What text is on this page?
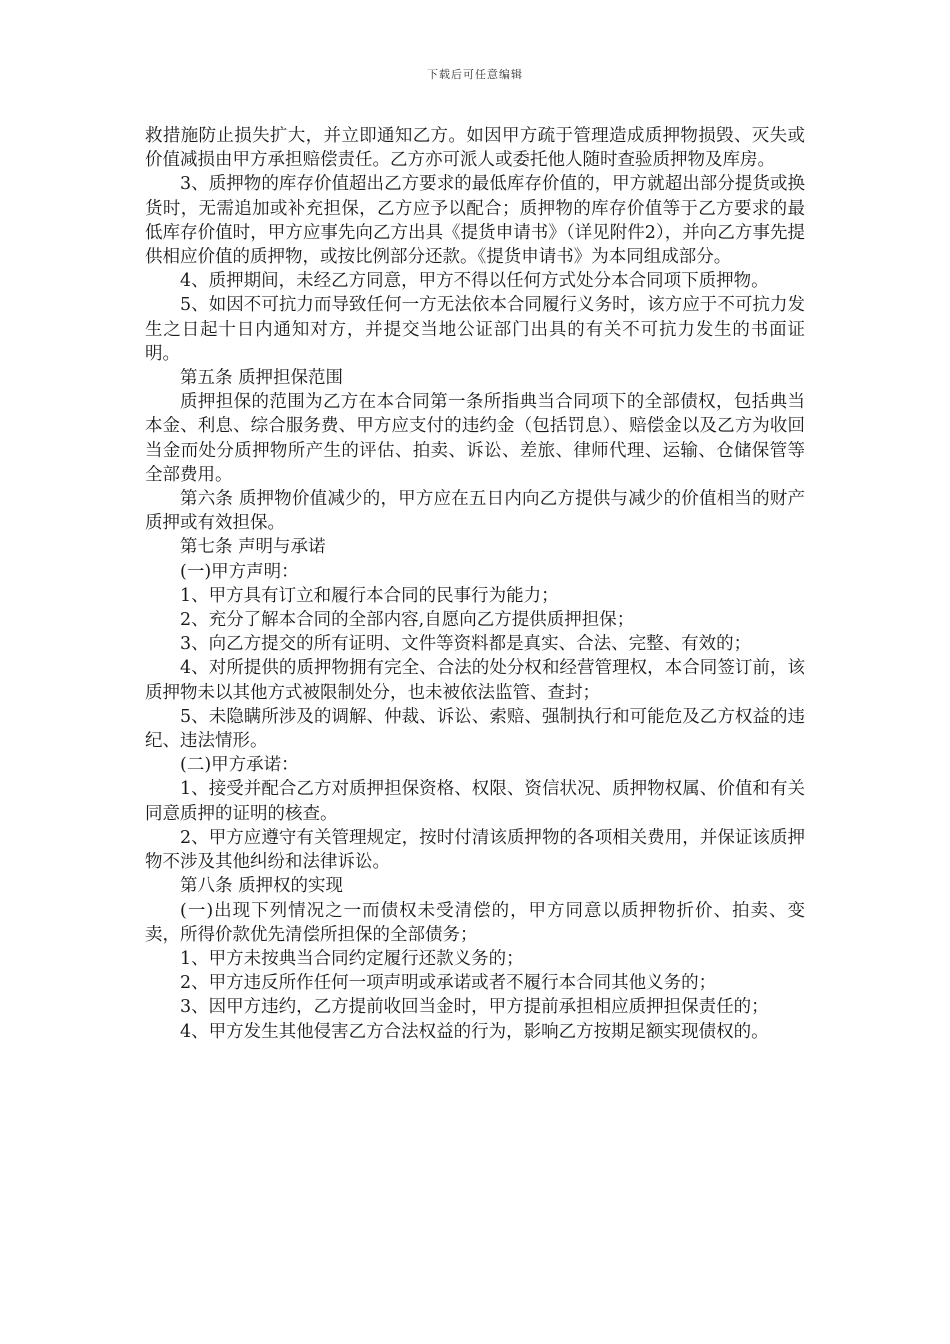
下载后可任意编辑

救措施防止损失扩大，并立即通知乙方。如因甲方疏于管理造成质押物损毁、灭失或价值减损由甲方承担赔偿责任。乙方亦可派人或委托他人随时查验质押物及库房。

3、质押物的库存价值超出乙方要求的最低库存价值的，甲方就超出部分提货或换货时，无需追加或补充担保，乙方应予以配合；质押物的库存价值等于乙方要求的最低库存价值时，甲方应事先向乙方出具《提货申请书》（详见附件2），并向乙方事先提供相应价值的质押物，或按比例部分还款。《提货申请书》为本同组成部分。

4、质押期间，未经乙方同意，甲方不得以任何方式处分本合同项下质押物。

5、如因不可抗力而导致任何一方无法依本合同履行义务时，该方应于不可抗力发生之日起十日内通知对方，并提交当地公证部门出具的有关不可抗力发生的书面证明。

第五条 质押担保范围

质押担保的范围为乙方在本合同第一条所指典当合同项下的全部债权，包括典当本金、利息、综合服务费、甲方应支付的违约金（包括罚息）、赔偿金以及乙方为收回当金而处分质押物所产生的评估、拍卖、诉讼、差旅、律师代理、运输、仓储保管等全部费用。

第六条 质押物价值减少的，甲方应在五日内向乙方提供与减少的价值相当的财产质押或有效担保。

第七条 声明与承诺

(一)甲方声明：

1、甲方具有订立和履行本合同的民事行为能力；

2、充分了解本合同的全部内容,自愿向乙方提供质押担保；

3、向乙方提交的所有证明、文件等资料都是真实、合法、完整、有效的；

4、对所提供的质押物拥有完全、合法的处分权和经营管理权，本合同签订前，该质押物未以其他方式被限制处分，也未被依法监管、查封；

5、未隐瞒所涉及的调解、仲裁、诉讼、索赔、强制执行和可能危及乙方权益的违纪、违法情形。

(二)甲方承诺：

1、接受并配合乙方对质押担保资格、权限、资信状况、质押物权属、价值和有关同意质押的证明的核查。

2、甲方应遵守有关管理规定，按时付清该质押物的各项相关费用，并保证该质押物不涉及其他纠纷和法律诉讼。

第八条 质押权的实现

(一)出现下列情况之一而债权未受清偿的，甲方同意以质押物折价、拍卖、变卖，所得价款优先清偿所担保的全部债务；

1、甲方未按典当合同约定履行还款义务的；

2、甲方违反所作任何一项声明或承诺或者不履行本合同其他义务的；

3、因甲方违约，乙方提前收回当金时，甲方提前承担相应质押担保责任的；

4、甲方发生其他侵害乙方合法权益的行为，影响乙方按期足额实现债权的。
